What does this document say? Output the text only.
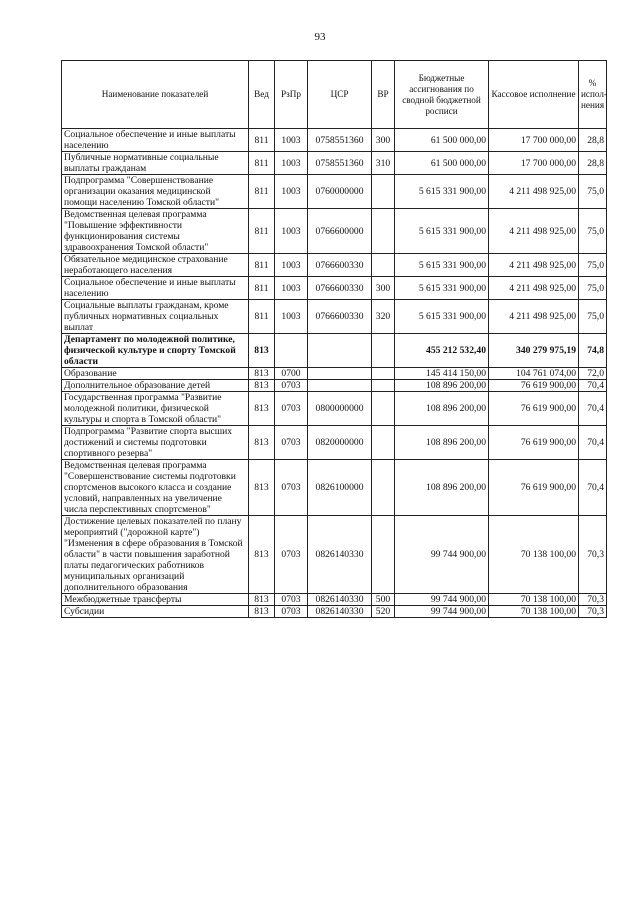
93
Наименование показателей	Вед	РзПр	ЦСР	ВР	Бюджетные ассигнования по сводной бюджетной росписи	Кассовое исполнение	% испол-нения
Социальное обеспечение и иные выплаты населению	811	1003	0758551360	300	61 500 000,00	17 700 000,00	28,8
Публичные нормативные социальные выплаты гражданам	811	1003	0758551360	310	61 500 000,00	17 700 000,00	28,8
Подпрограмма "Совершенствование организации оказания медицинской помощи населению Томской области"	811	1003	0760000000		5 615 331 900,00	4 211 498 925,00	75,0
Ведомственная целевая программа "Повышение эффективности функционирования системы здравоохранения Томской области"	811	1003	0766600000		5 615 331 900,00	4 211 498 925,00	75,0
Обязательное медицинское страхование неработающего населения	811	1003	0766600330		5 615 331 900,00	4 211 498 925,00	75,0
Социальное обеспечение и иные выплаты населению	811	1003	0766600330	300	5 615 331 900,00	4 211 498 925,00	75,0
Социальные выплаты гражданам, кроме публичных нормативных социальных выплат	811	1003	0766600330	320	5 615 331 900,00	4 211 498 925,00	75,0
Департамент по молодежной политике, физической культуре и спорту Томской области	813				455 212 532,40	340 279 975,19	74,8
Образование	813	0700			145 414 150,00	104 761 074,00	72,0
Дополнительное образование детей	813	0703			108 896 200,00	76 619 900,00	70,4
Государственная программа "Развитие молодежной политики, физической культуры и спорта в Томской области"	813	0703	0800000000		108 896 200,00	76 619 900,00	70,4
Подпрограмма "Развитие спорта высших достижений и системы подготовки спортивного резерва"	813	0703	0820000000		108 896 200,00	76 619 900,00	70,4
Ведомственная целевая программа "Совершенствование системы подготовки спортсменов высокого класса и создание условий, направленных на увеличение числа перспективных спортсменов"	813	0703	0826100000		108 896 200,00	76 619 900,00	70,4
Достижение целевых показателей по плану мероприятий ("дорожной карте") "Изменения в сфере образования в Томской области" в части повышения заработной платы педагогических работников муниципальных организаций дополнительного образования	813	0703	0826140330		99 744 900,00	70 138 100,00	70,3
Межбюджетные трансферты	813	0703	0826140330	500	99 744 900,00	70 138 100,00	70,3
Субсидии	813	0703	0826140330	520	99 744 900,00	70 138 100,00	70,3
